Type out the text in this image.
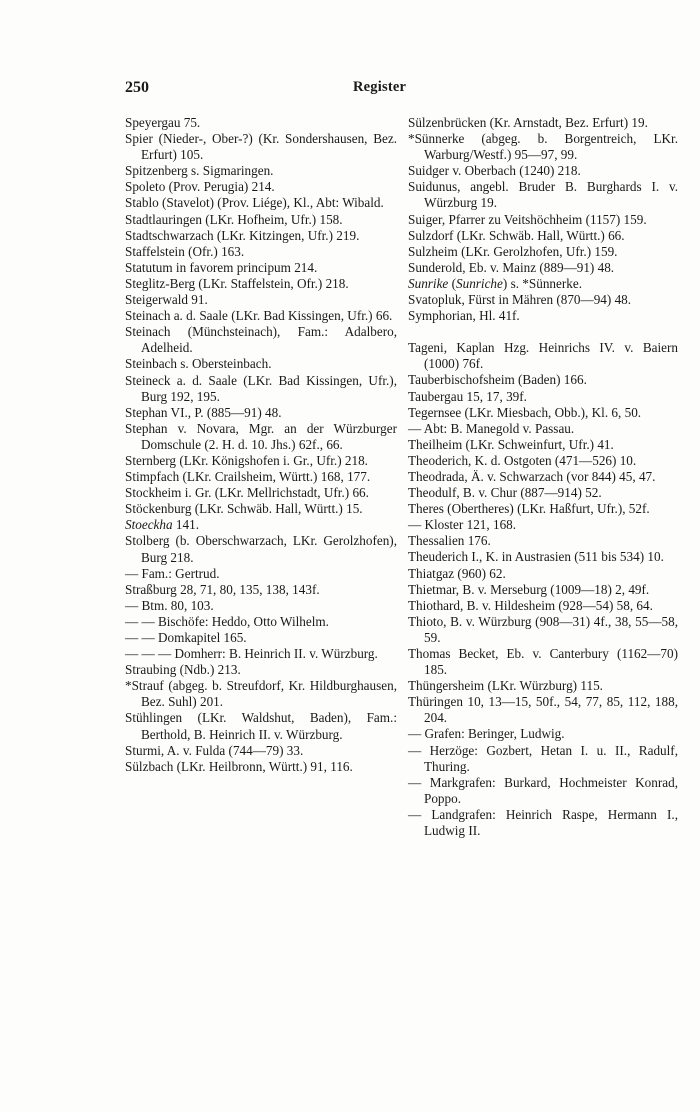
250	Register
Speyergau 75.
Spier (Nieder-, Ober-?) (Kr. Sondershausen, Bez. Erfurt) 105.
Spitzenberg s. Sigmaringen.
Spoleto (Prov. Perugia) 214.
Stablo (Stavelot) (Prov. Liége), Kl., Abt: Wibald.
Stadtlauringen (LKr. Hofheim, Ufr.) 158.
Stadtschwarzach (LKr. Kitzingen, Ufr.) 219.
Staffelstein (Ofr.) 163.
Statutum in favorem principum 214.
Steglitz-Berg (LKr. Staffelstein, Ofr.) 218.
Steigerwald 91.
Steinach a. d. Saale (LKr. Bad Kissingen, Ufr.) 66.
Steinach (Münchsteinach), Fam.: Adalbero, Adelheid.
Steinbach s. Obersteinbach.
Steineck a. d. Saale (LKr. Bad Kissingen, Ufr.), Burg 192, 195.
Stephan VI., P. (885—91) 48.
Stephan v. Novara, Mgr. an der Würzburger Domschule (2. H. d. 10. Jhs.) 62f., 66.
Sternberg (LKr. Königshofen i. Gr., Ufr.) 218.
Stimpfach (LKr. Crailsheim, Württ.) 168, 177.
Stockheim i. Gr. (LKr. Mellrichstadt, Ufr.) 66.
Stöckenburg (LKr. Schwäb. Hall, Württ.) 15.
Stoeckha 141.
Stolberg (b. Oberschwarzach, LKr. Gerolzhofen), Burg 218.
— Fam.: Gertrud.
Straßburg 28, 71, 80, 135, 138, 143f.
— Btm. 80, 103.
— — Bischöfe: Heddo, Otto Wilhelm.
— — Domkapitel 165.
— — — Domherr: B. Heinrich II. v. Würzburg.
Straubing (Ndb.) 213.
*Strauf (abgeg. b. Streufdorf, Kr. Hildburghausen, Bez. Suhl) 201.
Stühlingen (LKr. Waldshut, Baden), Fam.: Berthold, B. Heinrich II. v. Würzburg.
Sturmi, A. v. Fulda (744—79) 33.
Sülzbach (LKr. Heilbronn, Württ.) 91, 116.
Sülzenbrücken (Kr. Arnstadt, Bez. Erfurt) 19.
*Sünnerke (abgeg. b. Borgentreich, LKr. Warburg/Westf.) 95—97, 99.
Suidger v. Oberbach (1240) 218.
Suidunus, angebl. Bruder B. Burghards I. v. Würzburg 19.
Suiger, Pfarrer zu Veitshöchheim (1157) 159.
Sulzdorf (LKr. Schwäb. Hall, Württ.) 66.
Sulzheim (LKr. Gerolzhofen, Ufr.) 159.
Sunderold, Eb. v. Mainz (889—91) 48.
Sunrike (Sunriche) s. *Sünnerke.
Svatopluk, Fürst in Mähren (870—94) 48.
Symphorian, Hl. 41f.
Tageni, Kaplan Hzg. Heinrichs IV. v. Baiern (1000) 76f.
Tauberbischofsheim (Baden) 166.
Taubergau 15, 17, 39f.
Tegernsee (LKr. Miesbach, Obb.), Kl. 6, 50.
— Abt: B. Manegold v. Passau.
Theilheim (LKr. Schweinfurt, Ufr.) 41.
Theoderich, K. d. Ostgoten (471—526) 10.
Theodrada, Ä. v. Schwarzach (vor 844) 45, 47.
Theodulf, B. v. Chur (887—914) 52.
Theres (Obertheres) (LKr. Haßfurt, Ufr.), 52f.
— Kloster 121, 168.
Thessalien 176.
Theuderich I., K. in Austrasien (511 bis 534) 10.
Thiatgaz (960) 62.
Thietmar, B. v. Merseburg (1009—18) 2, 49f.
Thiothard, B. v. Hildesheim (928—54) 58, 64.
Thioto, B. v. Würzburg (908—31) 4f., 38, 55—58, 59.
Thomas Becket, Eb. v. Canterbury (1162—70) 185.
Thüngersheim (LKr. Würzburg) 115.
Thüringen 10, 13—15, 50f., 54, 77, 85, 112, 188, 204.
— Grafen: Beringer, Ludwig.
— Herzöge: Gozbert, Hetan I. u. II., Radulf, Thuring.
— Markgrafen: Burkard, Hochmeister Konrad, Poppo.
— Landgrafen: Heinrich Raspe, Hermann I., Ludwig II.
